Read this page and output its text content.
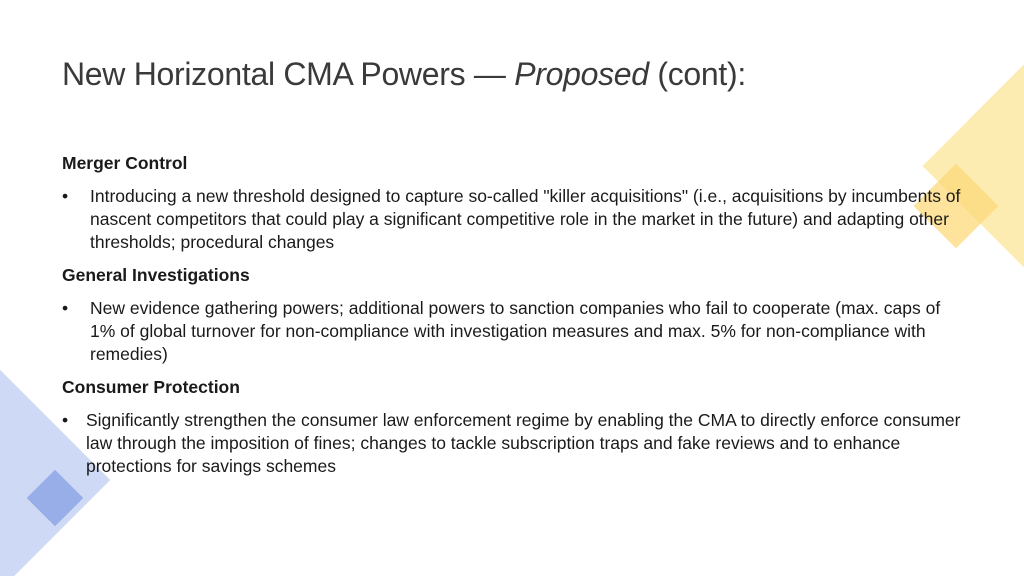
New Horizontal CMA Powers — Proposed (cont):
Merger Control
•	Introducing a new threshold designed to capture so-called "killer acquisitions" (i.e., acquisitions by incumbents of nascent competitors that could play a significant competitive role in the market in the future) and adapting other thresholds; procedural changes
General Investigations
•	New evidence gathering powers; additional powers to sanction companies who fail to cooperate (max. caps of 1% of global turnover for non-compliance with investigation measures and max. 5% for non-compliance with remedies)
Consumer Protection
•	Significantly strengthen the consumer law enforcement regime by enabling the CMA to directly enforce consumer law through the imposition of fines; changes to tackle subscription traps and fake reviews and to enhance protections for savings schemes
